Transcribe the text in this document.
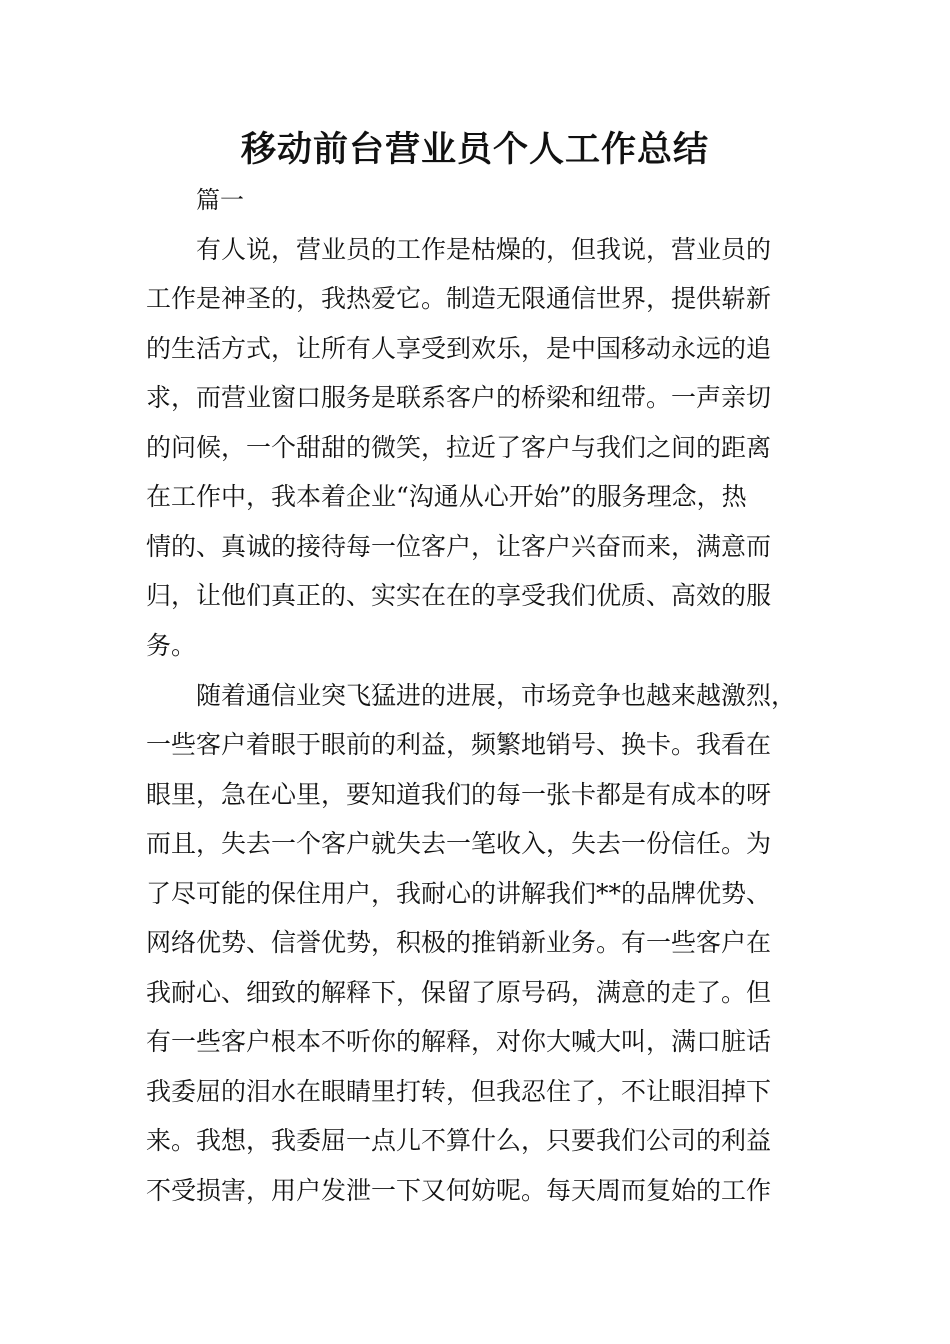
移动前台营业员个人工作总结

篇一

有人说，营业员的工作是枯燥的，但我说，营业员的

工作是神圣的，我热爱它。制造无限通信世界，提供崭新

的生活方式，让所有人享受到欢乐，是中国移动永远的追

求，而营业窗口服务是联系客户的桥梁和纽带。一声亲切

的问候，一个甜甜的微笑，拉近了客户与我们之间的距离

在工作中，我本着企业“沟通从心开始”的服务理念，热

情的、真诚的接待每一位客户，让客户兴奋而来，满意而

归，让他们真正的、实实在在的享受我们优质、高效的服

务。

随着通信业突飞猛进的进展，市场竞争也越来越激烈，

一些客户着眼于眼前的利益，频繁地销号、换卡。我看在

眼里，急在心里，要知道我们的每一张卡都是有成本的呀

而且，失去一个客户就失去一笔收入，失去一份信任。为

了尽可能的保住用户，我耐心的讲解我们**的品牌优势、

网络优势、信誉优势，积极的推销新业务。有一些客户在

我耐心、细致的解释下，保留了原号码，满意的走了。但

有一些客户根本不听你的解释，对你大喊大叫，满口脏话

我委屈的泪水在眼睛里打转，但我忍住了，不让眼泪掉下

来。我想，我委屈一点儿不算什么，只要我们公司的利益

不受损害，用户发泄一下又何妨呢。每天周而复始的工作
